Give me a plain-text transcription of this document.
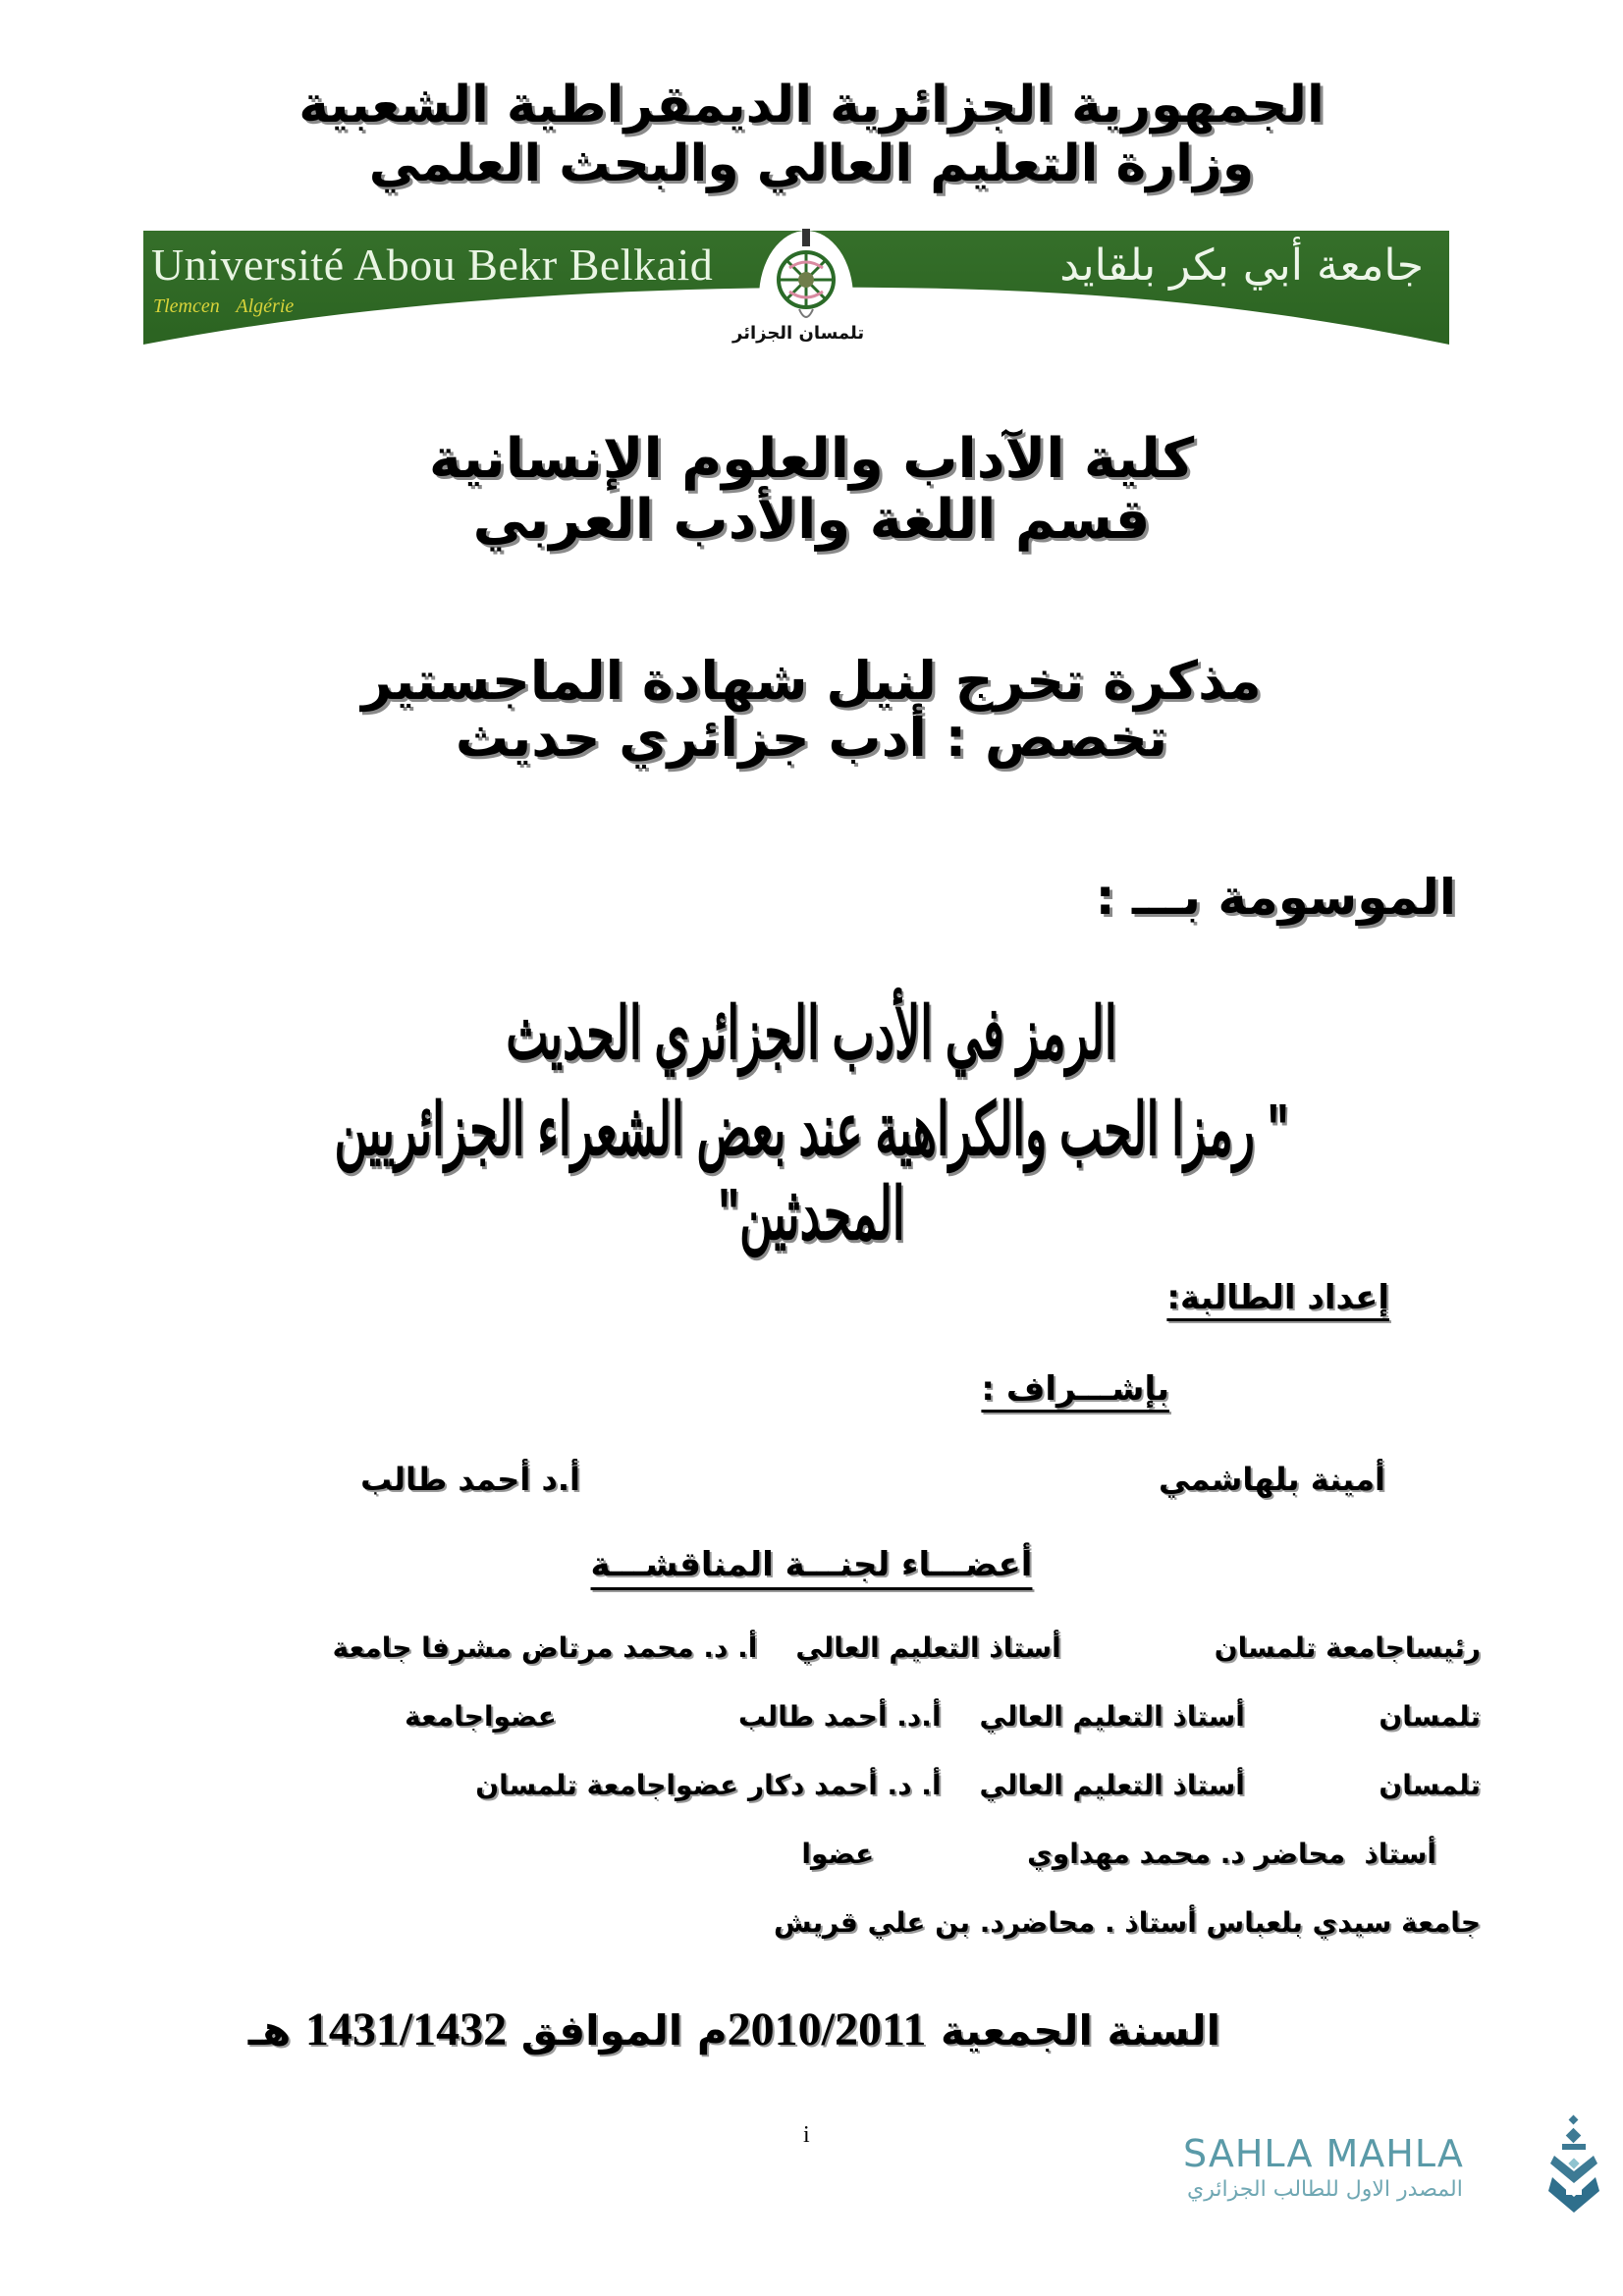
الجمهورية الجزائرية الديمقراطية الشعبية
وزارة التعليم العالي والبحث العلمي
Université Abou Bekr Belkaid
Tlemcen Algérie
جامعة أبي بكر بلقايد
تلمسان الجزائر
كلية الآداب والعلوم الإنسانية
قسم اللغة والأدب العربي
مذكرة تخرج لنيل شهادة الماجستير
تخصص : أدب جزائري حديث
الموسومة بـــ :
الرمز في الأدب الجزائري الحديث
" رمزا الحب والكراهية عند بعض الشعراء الجزائريين المحدثين"
إعداد الطالبة:
بإشـــراف :
أمينة بلهاشمي
أ.د أحمد طالب
أعضـــاء لجنـــة المناقشـــة
رئيساجامعة تلمسان                أستاذ التعليم العالي    أ. د. محمد مرتاض مشرفا جامعة
تلمسان              أستاذ التعليم العالي    أ.د. أحمد طالب                   عضواجامعة
تلمسان              أستاذ التعليم العالي    أ. د. أحمد دكار عضواجامعة تلمسان
أستاذ  محاضر د. محمد مهداوي                عضوا
جامعة سيدي بلعباس أستاذ . محاضرد. بن علي قريش
السنة الجمعية 2010/2011م الموافق 1431/1432 هـ
i	SAHLA MAHLA
المصدر الاول للطالب الجزائري
